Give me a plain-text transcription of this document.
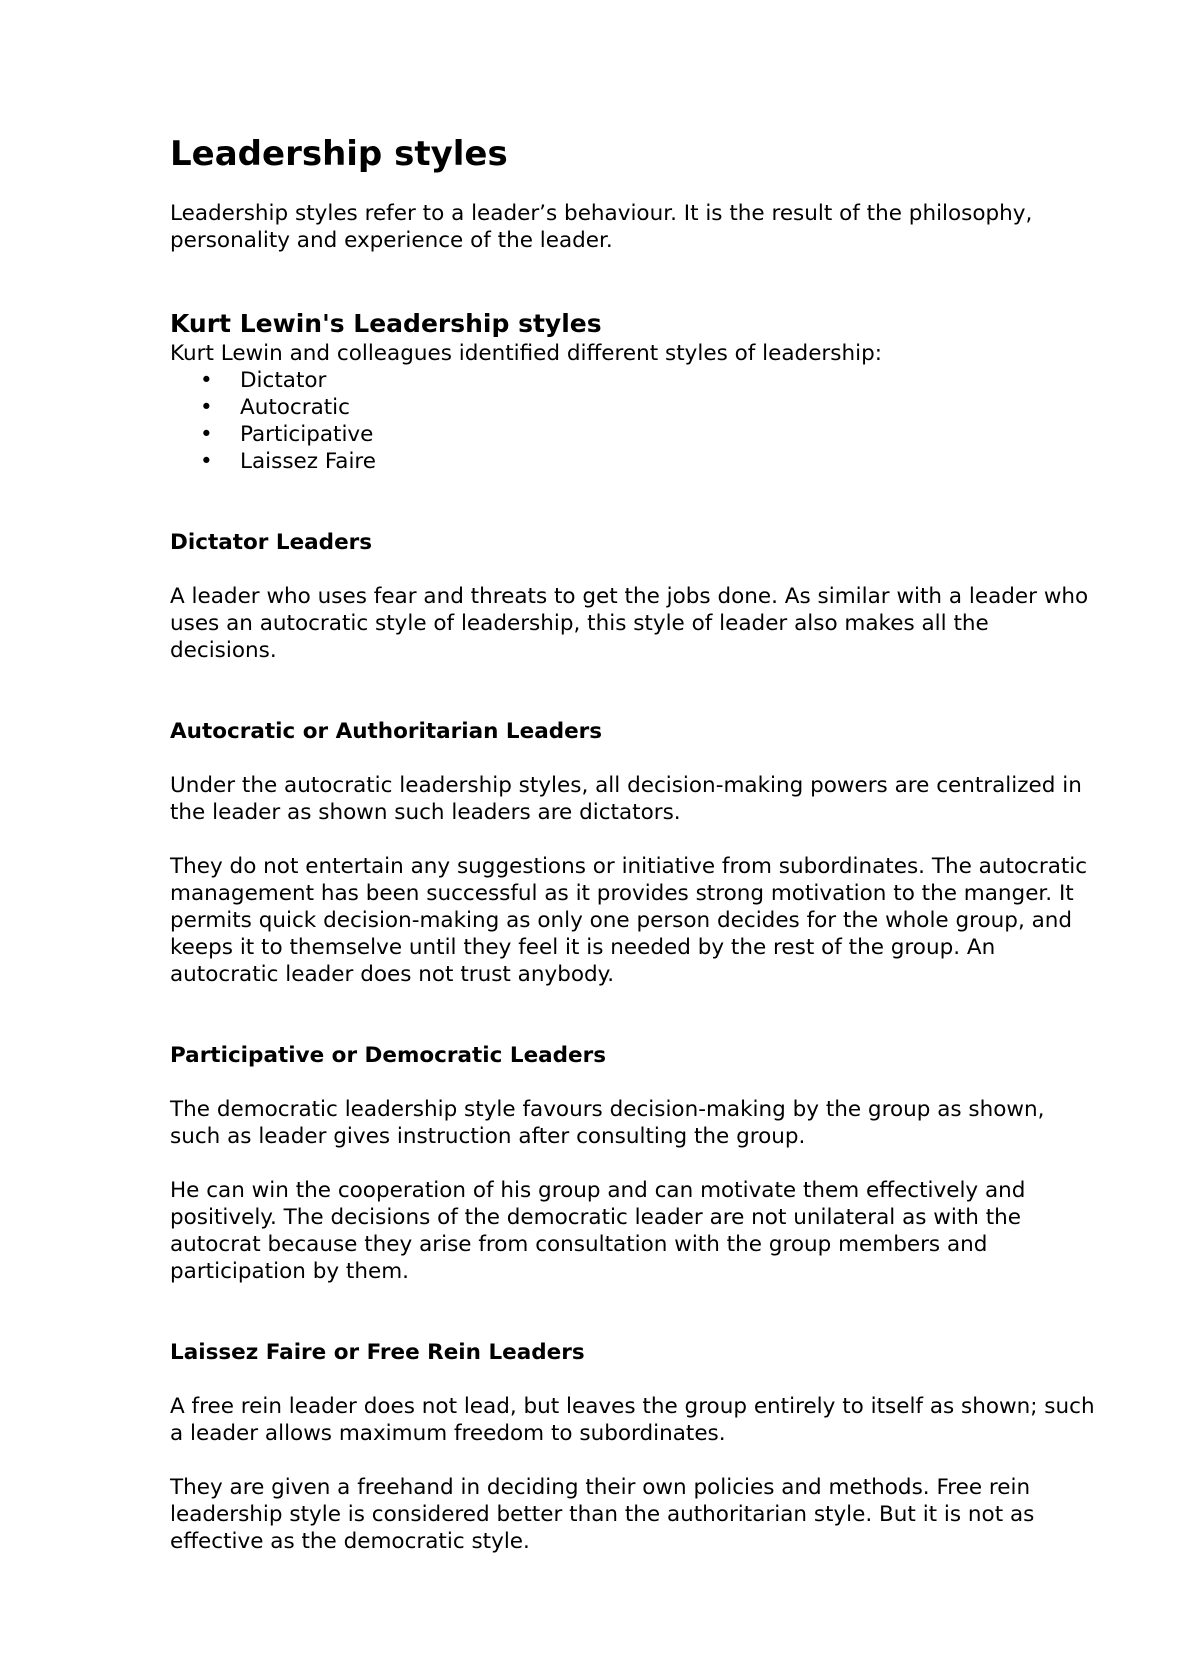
Leadership styles

Leadership styles refer to a leader’s behaviour. It is the result of the philosophy, personality and experience of the leader.

Kurt Lewin's Leadership styles

Kurt Lewin and colleagues identified different styles of leadership:

• Dictator
• Autocratic
• Participative
• Laissez Faire
Dictator Leaders

A leader who uses fear and threats to get the jobs done. As similar with a leader who uses an autocratic style of leadership, this style of leader also makes all the decisions.

Autocratic or Authoritarian Leaders

Under the autocratic leadership styles, all decision-making powers are centralized in the leader as shown such leaders are dictators.

They do not entertain any suggestions or initiative from subordinates. The autocratic management has been successful as it provides strong motivation to the manger. It permits quick decision-making as only one person decides for the whole group, and keeps it to themselve until they feel it is needed by the rest of the group. An autocratic leader does not trust anybody.

Participative or Democratic Leaders

The democratic leadership style favours decision-making by the group as shown, such as leader gives instruction after consulting the group.

He can win the cooperation of his group and can motivate them effectively and positively. The decisions of the democratic leader are not unilateral as with the autocrat because they arise from consultation with the group members and participation by them.

Laissez Faire or Free Rein Leaders

A free rein leader does not lead, but leaves the group entirely to itself as shown; such a leader allows maximum freedom to subordinates.

They are given a freehand in deciding their own policies and methods. Free rein leadership style is considered better than the authoritarian style. But it is not as effective as the democratic style.
